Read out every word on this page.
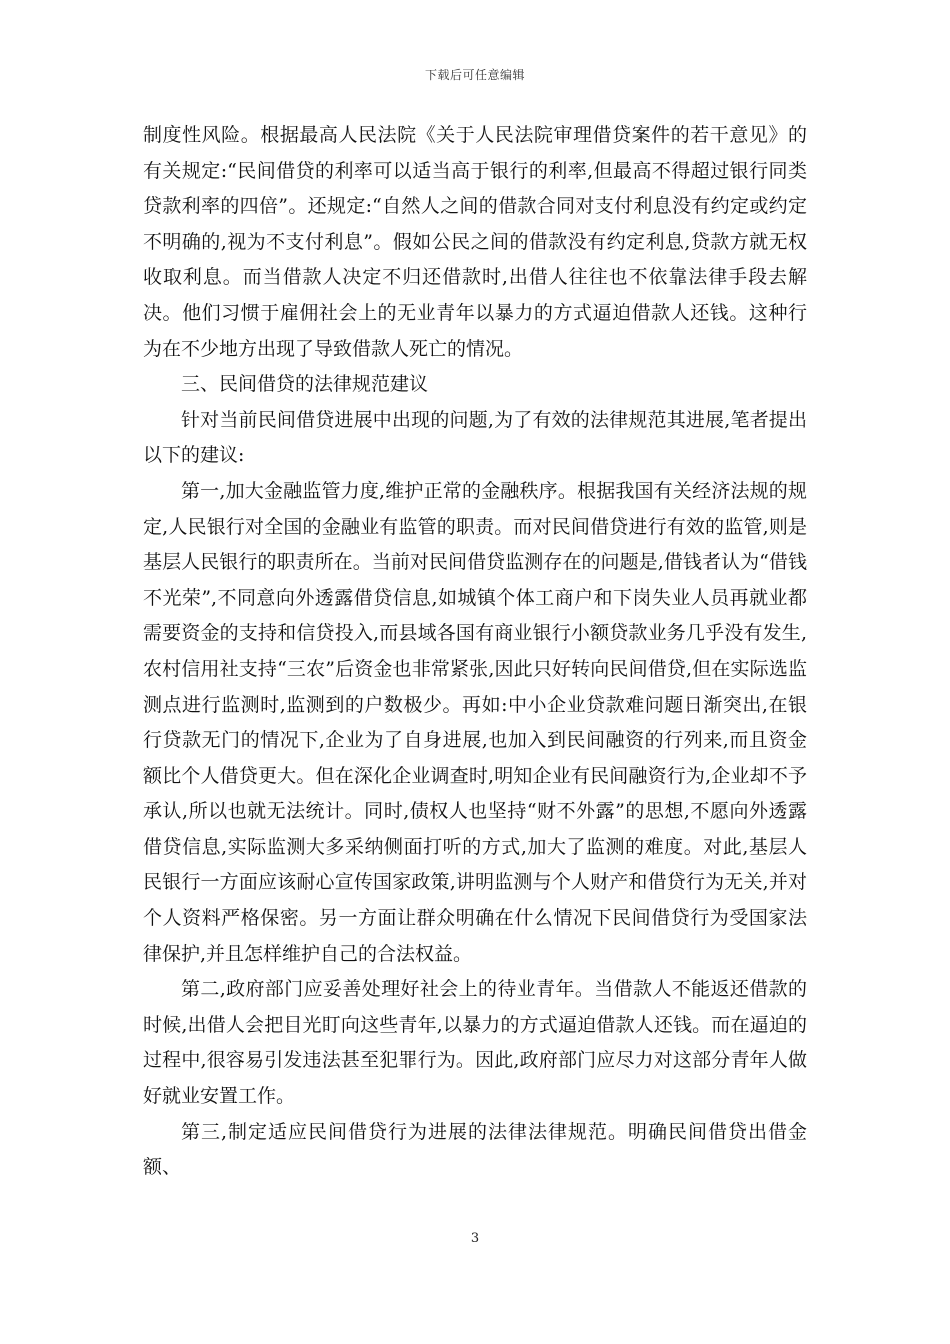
下载后可任意编辑

制度性风险。根据最高人民法院《关于人民法院审理借贷案件的若干意见》的有关规定:“民间借贷的利率可以适当高于银行的利率,但最高不得超过银行同类贷款利率的四倍”。还规定:“自然人之间的借款合同对支付利息没有约定或约定不明确的,视为不支付利息”。假如公民之间的借款没有约定利息,贷款方就无权收取利息。而当借款人决定不归还借款时,出借人往往也不依靠法律手段去解决。他们习惯于雇佣社会上的无业青年以暴力的方式逼迫借款人还钱。这种行为在不少地方出现了导致借款人死亡的情况。

三、民间借贷的法律规范建议

针对当前民间借贷进展中出现的问题,为了有效的法律规范其进展,笔者提出以下的建议:

第一,加大金融监管力度,维护正常的金融秩序。根据我国有关经济法规的规定,人民银行对全国的金融业有监管的职责。而对民间借贷进行有效的监管,则是基层人民银行的职责所在。当前对民间借贷监测存在的问题是,借钱者认为“借钱不光荣”,不同意向外透露借贷信息,如城镇个体工商户和下岗失业人员再就业都需要资金的支持和信贷投入,而县域各国有商业银行小额贷款业务几乎没有发生,农村信用社支持“三农”后资金也非常紧张,因此只好转向民间借贷,但在实际选监测点进行监测时,监测到的户数极少。再如:中小企业贷款难问题日渐突出,在银行贷款无门的情况下,企业为了自身进展,也加入到民间融资的行列来,而且资金额比个人借贷更大。但在深化企业调查时,明知企业有民间融资行为,企业却不予承认,所以也就无法统计。同时,债权人也坚持“财不外露”的思想,不愿向外透露借贷信息,实际监测大多采纳侧面打听的方式,加大了监测的难度。对此,基层人民银行一方面应该耐心宣传国家政策,讲明监测与个人财产和借贷行为无关,并对个人资料严格保密。另一方面让群众明确在什么情况下民间借贷行为受国家法律保护,并且怎样维护自己的合法权益。

第二,政府部门应妥善处理好社会上的待业青年。当借款人不能返还借款的时候,出借人会把目光盯向这些青年,以暴力的方式逼迫借款人还钱。而在逼迫的过程中,很容易引发违法甚至犯罪行为。因此,政府部门应尽力对这部分青年人做好就业安置工作。

第三,制定适应民间借贷行为进展的法律法律规范。明确民间借贷出借金额、

3
